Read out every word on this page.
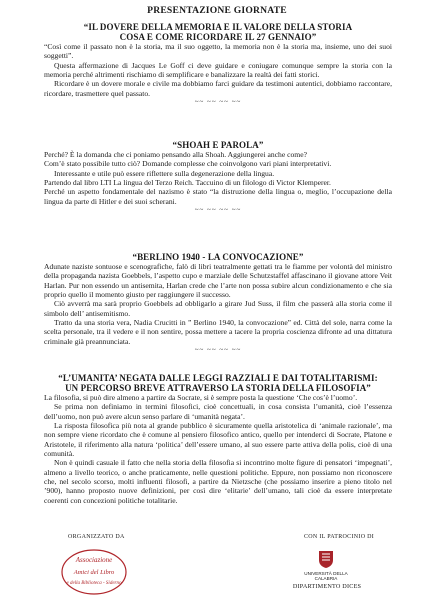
PRESENTAZIONE GIORNATE
“IL DOVERE DELLA MEMORIA E IL VALORE DELLA STORIA
COSA E COME RICORDARE IL 27 GENNAIO”

“Così come il passato non è la storia, ma il suo oggetto, la memoria non è la storia ma, insieme, uno dei suoi soggetti”.

Questa affermazione di Jacques Le Goff ci deve guidare e coniugare comunque sempre la storia con la memoria perché altrimenti rischiamo di semplificare e banalizzare la realtà dei fatti storici.

Ricordare è un dovere morale e civile ma dobbiamo farci guidare da testimoni autentici, dobbiamo raccontare, ricordare, trasmettere quel passato.

~~ ~~ ~~ ~~
“SHOAH E PAROLA”

Perché? È la domanda che ci poniamo pensando alla Shoah. Aggiungerei anche come?

Com’è stato possibile tutto ciò? Domande complesse che coinvolgono vari piani interpretativi.

Interessante e utile può essere riflettere sulla degenerazione della lingua.

Partendo dal libro LTI La lingua del Terzo Reich. Taccuino di un filologo di Victor Klemperer.

Perché un aspetto fondamentale del nazismo è stato “la distruzione della lingua o, meglio, l’occupazione della lingua da parte di Hitler e dei suoi scherani.

~~ ~~ ~~ ~~
“BERLINO 1940 - LA CONVOCAZIONE”

Adunate naziste sontuose e scenografiche, falò di libri teatralmente gettati tra le fiamme per volontà del ministro della propaganda nazista Goebbels, l’aspetto cupo e marziale delle Schutzstaffel affascinano il giovane attore Veit Harlan. Pur non essendo un antisemita, Harlan crede che l’arte non possa subire alcun condizionamento e che sia proprio quello il momento giusto per raggiungere il successo.

Ciò avverrà ma sarà proprio Goebbels ad obbligarlo a girare Jud Suss, il film che passerà alla storia come il simbolo dell’ antisemitismo.

Tratto da una storia vera, Nadia Crucitti in ” Berlino 1940, la convocazione” ed. Città del sole, narra come la scelta personale, tra il vedere e il non sentire, possa mettere a tacere la propria coscienza difronte ad una dittatura criminale già preannunciata.

~~ ~~ ~~ ~~
“L’UMANITA’ NEGATA DALLE LEGGI RAZZIALI E DAI TOTALITARISMI:
UN PERCORSO BREVE ATTRAVERSO LA STORIA DELLA FILOSOFIA”

La filosofia, si può dire almeno a partire da Socrate, si è sempre posta la questione ‘Che cos’è l’uomo’.

Se prima non definiamo in termini filosofici, cioè concettuali, in cosa consista l’umanità, cioè l’essenza dell’uomo, non può avere alcun senso parlare di ‘umanità negata’.

La risposta filosofica più nota al grande pubblico è sicuramente quella aristotelica di ‘animale razionale’, ma non sempre viene ricordato che è comune al pensiero filosofico antico, quello per intenderci di Socrate, Platone e Aristotele, il riferimento alla natura ‘politica’ dell’essere umano, al suo essere parte attiva della polis, cioè di una comunità.

Non è quindi casuale il fatto che nella storia della filosofia si incontrino molte figure di pensatori ‘impegnati’, almeno a livello teorico, o anche praticamente, nelle questioni politiche. Eppure, non possiamo non riconoscere che, nel secolo scorso, molti influenti filosofi, a partire da Nietzsche (che possiamo inserire a pieno titolo nel ’900), hanno proposto nuove definizioni, per così dire ‘elitarie’ dell’umano, tali cioè da essere interpretate coerenti con concezioni politiche totalitarie.

ORGANIZZATO DA
Associazione
Amici del Libro
e della Biblioteca - Siderno
CON IL PATROCINIO DI
UNIVERSITÀ DELLA
CALABRIA
DIPARTIMENTO DICES
